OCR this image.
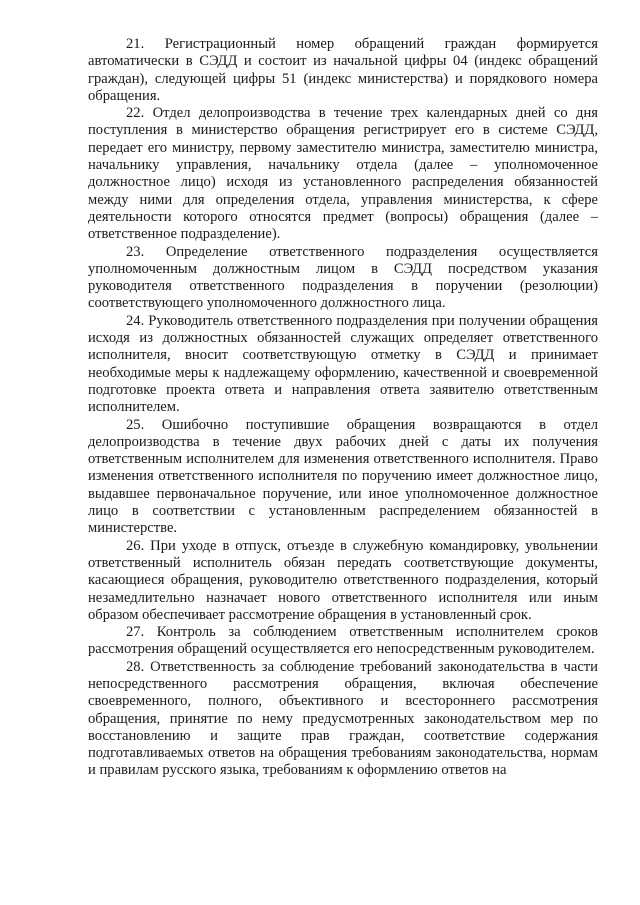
21. Регистрационный номер обращений граждан формируется автоматически в СЭДД и состоит из начальной цифры 04 (индекс обращений граждан), следующей цифры 51 (индекс министерства) и порядкового номера обращения.

22. Отдел делопроизводства в течение трех календарных дней со дня поступления в министерство обращения регистрирует его в системе СЭДД, передает его министру, первому заместителю министра, заместителю министра, начальнику управления, начальнику отдела (далее – уполномоченное должностное лицо) исходя из установленного распределения обязанностей между ними для определения отдела, управления министерства, к сфере деятельности которого относятся предмет (вопросы) обращения (далее – ответственное подразделение).

23. Определение ответственного подразделения осуществляется уполномоченным должностным лицом в СЭДД посредством указания руководителя ответственного подразделения в поручении (резолюции) соответствующего уполномоченного должностного лица.

24. Руководитель ответственного подразделения при получении обращения исходя из должностных обязанностей служащих определяет ответственного исполнителя, вносит соответствующую отметку в СЭДД и принимает необходимые меры к надлежащему оформлению, качественной и своевременной подготовке проекта ответа и направления ответа заявителю ответственным исполнителем.

25. Ошибочно поступившие обращения возвращаются в отдел делопроизводства в течение двух рабочих дней с даты их получения ответственным исполнителем для изменения ответственного исполнителя. Право изменения ответственного исполнителя по поручению имеет должностное лицо, выдавшее первоначальное поручение, или иное уполномоченное должностное лицо в соответствии с установленным распределением обязанностей в министерстве.

26. При уходе в отпуск, отъезде в служебную командировку, увольнении ответственный исполнитель обязан передать соответствующие документы, касающиеся обращения, руководителю ответственного подразделения, который незамедлительно назначает нового ответственного исполнителя или иным образом обеспечивает рассмотрение обращения в установленный срок.

27. Контроль за соблюдением ответственным исполнителем сроков рассмотрения обращений осуществляется его непосредственным руководителем.

28. Ответственность за соблюдение требований законодательства в части непосредственного рассмотрения обращения, включая обеспечение своевременного, полного, объективного и всестороннего рассмотрения обращения, принятие по нему предусмотренных законодательством мер по восстановлению и защите прав граждан, соответствие содержания подготавливаемых ответов на обращения требованиям законодательства, нормам и правилам русского языка, требованиям к оформлению ответов на
